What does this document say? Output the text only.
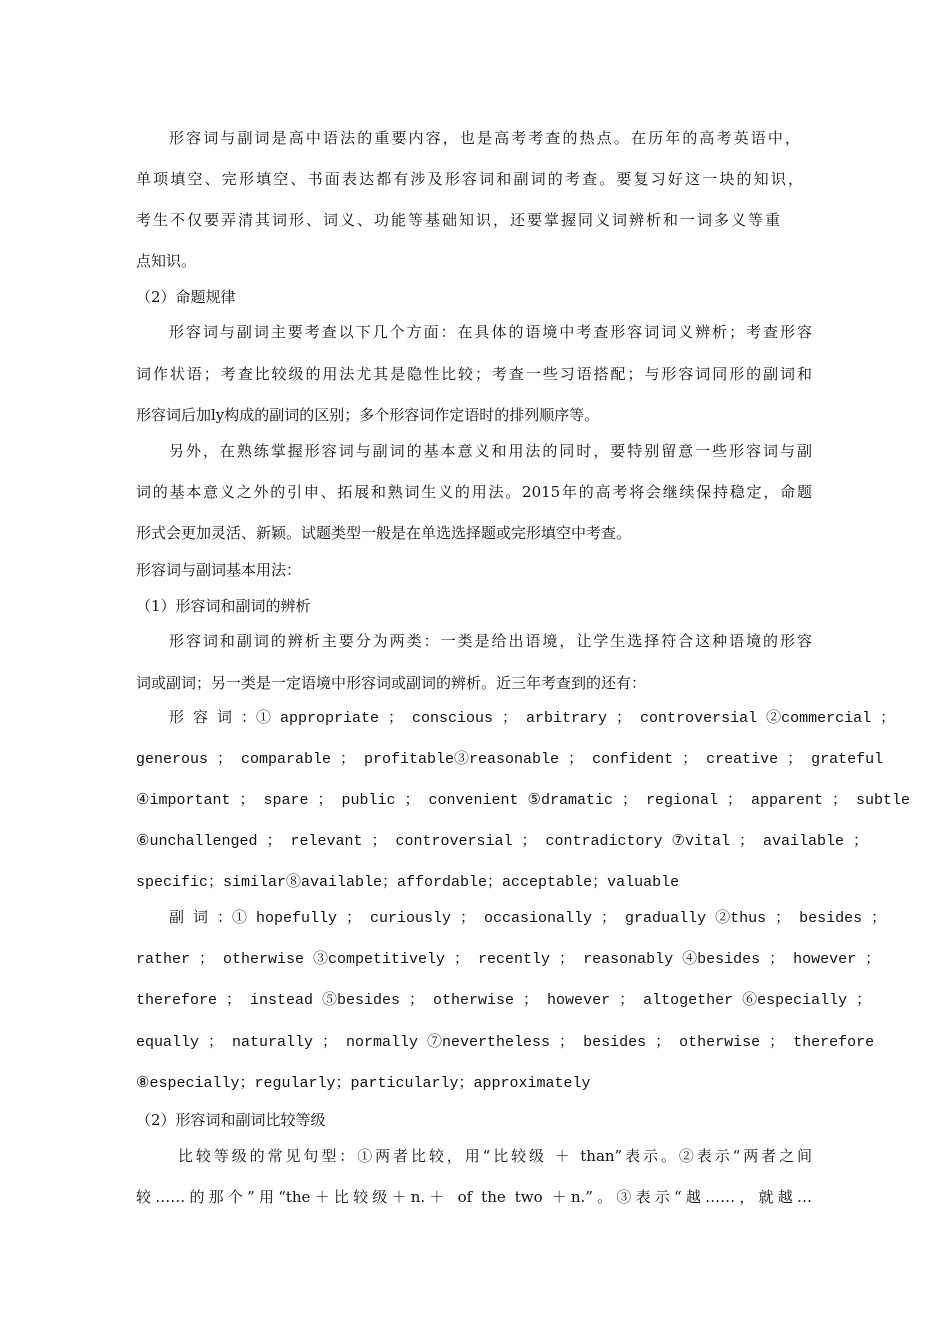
形容词与副词是高中语法的重要内容，也是高考考查的热点。在历年的高考英语中，
单项填空、完形填空、书面表达都有涉及形容词和副词的考查。要复习好这一块的知识，
考生不仅要弄清其词形、词义、功能等基础知识，还要掌握同义词辨析和一词多义等重
点知识。
（2）命题规律
形容词与副词主要考查以下几个方面：在具体的语境中考查形容词词义辨析；考查形容
词作状语；考查比较级的用法尤其是隐性比较；考查一些习语搭配；与形容词同形的副词和
形容词后加ly构成的副词的区别；多个形容词作定语时的排列顺序等。
另外，在熟练掌握形容词与副词的基本意义和用法的同时，要特别留意一些形容词与副
词的基本意义之外的引申、拓展和熟词生义的用法。2015年的高考将会继续保持稳定，命题
形式会更加灵活、新颖。试题类型一般是在单选选择题或完形填空中考查。
形容词与副词基本用法：
（1）形容词和副词的辨析
形容词和副词的辨析主要分为两类：一类是给出语境，让学生选择符合这种语境的形容
词或副词；另一类是一定语境中形容词或副词的辨析。近三年考查到的还有：
形 容 词 ：① appropriate ； conscious ； arbitrary ； controversial ②commercial ；
generous ； comparable ； profitable③reasonable ； confident ； creative ； grateful
④important ； spare ； public ； convenient ⑤dramatic ； regional ； apparent ； subtle
⑥unchallenged ； relevant ； controversial ； contradictory ⑦vital ； available ；
specific；similar⑧available；affordable；acceptable；valuable
副 词 ：① hopefully ； curiously ； occasionally ； gradually ②thus ； besides ；
rather ； otherwise ③competitively ； recently ； reasonably ④besides ； however ；
therefore ； instead ⑤besides ； otherwise ； however ； altogether ⑥especially ；
equally ； naturally ； normally ⑦nevertheless ； besides ； otherwise ； therefore
⑧especially；regularly；particularly；approximately
（2）形容词和副词比较等级
比较等级的常见句型：①两者比较，用“比较级 ＋ than”表示。②表示“两者之间
较……的那个”用“the＋比较级＋n.＋ of the two ＋n.”。③表示“越……，就越…
